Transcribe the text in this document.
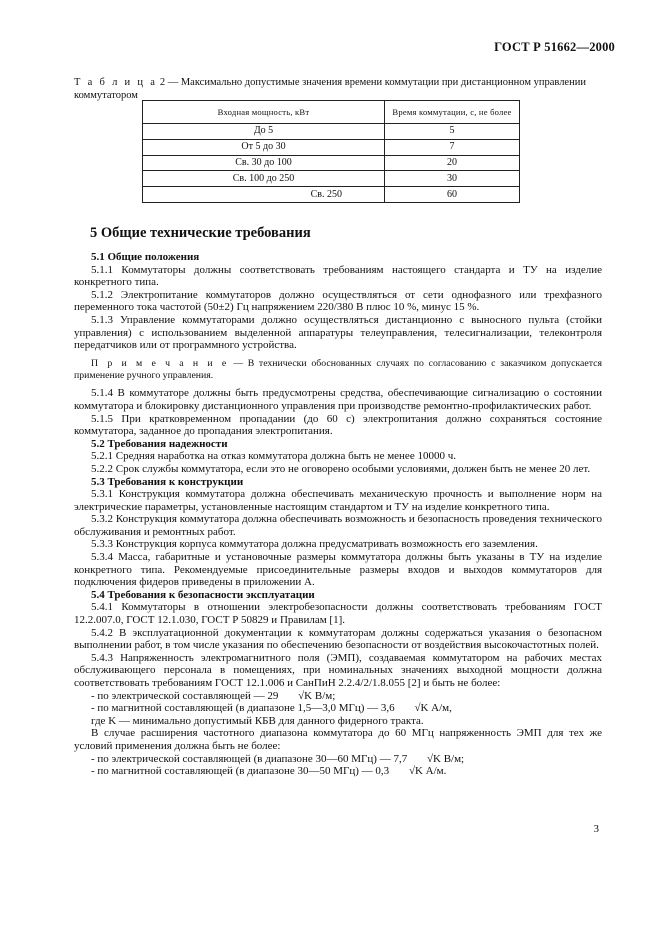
ГОСТ Р 51662—2000
Т а б л и ц а 2 — Максимально допустимые значения времени коммутации при дистанционном управлении коммутатором
Входная мощность, кВт	Время коммутации, с, не более
До 5	5
От 5 до 30	7
Св. 30 до 100	20
Св. 100 до 250	30
Св. 250	60
5 Общие технические требования

5.1 Общие положения

5.1.1 Коммутаторы должны соответствовать требованиям настоящего стандарта и ТУ на изделие конкретного типа.

5.1.2 Электропитание коммутаторов должно осуществляться от сети однофазного или трехфазного переменного тока частотой (50±2) Гц напряжением 220/380 В плюс 10 %, минус 15 %.

5.1.3 Управление коммутаторами должно осуществляться дистанционно с выносного пульта (стойки управления) с использованием выделенной аппаратуры телеуправления, телесигнализации, телеконтроля передатчиков или от программного устройства.

П р и м е ч а н и е — В технически обоснованных случаях по согласованию с заказчиком допускается применение ручного управления.

5.1.4 В коммутаторе должны быть предусмотрены средства, обеспечивающие сигнализацию о состоянии коммутатора и блокировку дистанционного управления при производстве ремонтно-профилактических работ.

5.1.5 При кратковременном пропадании (до 60 с) электропитания должно сохраняться состояние коммутатора, заданное до пропадания электропитания.

5.2 Требования надежности

5.2.1 Средняя наработка на отказ коммутатора должна быть не менее 10000 ч.

5.2.2 Срок службы коммутатора, если это не оговорено особыми условиями, должен быть не менее 20 лет.

5.3 Требования к конструкции

5.3.1 Конструкция коммутатора должна обеспечивать механическую прочность и выполнение норм на электрические параметры, установленные настоящим стандартом и ТУ на изделие конкретного типа.

5.3.2 Конструкция коммутатора должна обеспечивать возможность и безопасность проведения технического обслуживания и ремонтных работ.

5.3.3 Конструкция корпуса коммутатора должна предусматривать возможность его заземления.

5.3.4 Масса, габаритные и установочные размеры коммутатора должны быть указаны в ТУ на изделие конкретного типа. Рекомендуемые присоединительные размеры входов и выходов коммутаторов для подключения фидеров приведены в приложении А.

5.4 Требования к безопасности эксплуатации

5.4.1 Коммутаторы в отношении электробезопасности должны соответствовать требованиям ГОСТ 12.2.007.0, ГОСТ 12.1.030, ГОСТ Р 50829 и Правилам [1].

5.4.2 В эксплуатационной документации к коммутаторам должны содержаться указания о безопасном выполнении работ, в том числе указания по обеспечению безопасности от воздействия высокочастотных полей.

5.4.3 Напряженность электромагнитного поля (ЭМП), создаваемая коммутатором на рабочих местах обслуживающего персонала в помещениях, при номинальных значениях выходной мощности должна соответствовать требованиям ГОСТ 12.1.006 и СанПиН 2.2.4/2/1.8.055 [2] и быть не более:

- по электрической составляющей — 29 √K В/м;

- по магнитной составляющей (в диапазоне 1,5—3,0 МГц) — 3,6 √K А/м,

где K — минимально допустимый КБВ для данного фидерного тракта.

В случае расширения частотного диапазона коммутатора до 60 МГц напряженность ЭМП для тех же условий применения должна быть не более:

- по электрической составляющей (в диапазоне 30—60 МГц) — 7,7 √K В/м;

- по магнитной составляющей (в диапазоне 30—50 МГц) — 0,3 √K А/м.

3
